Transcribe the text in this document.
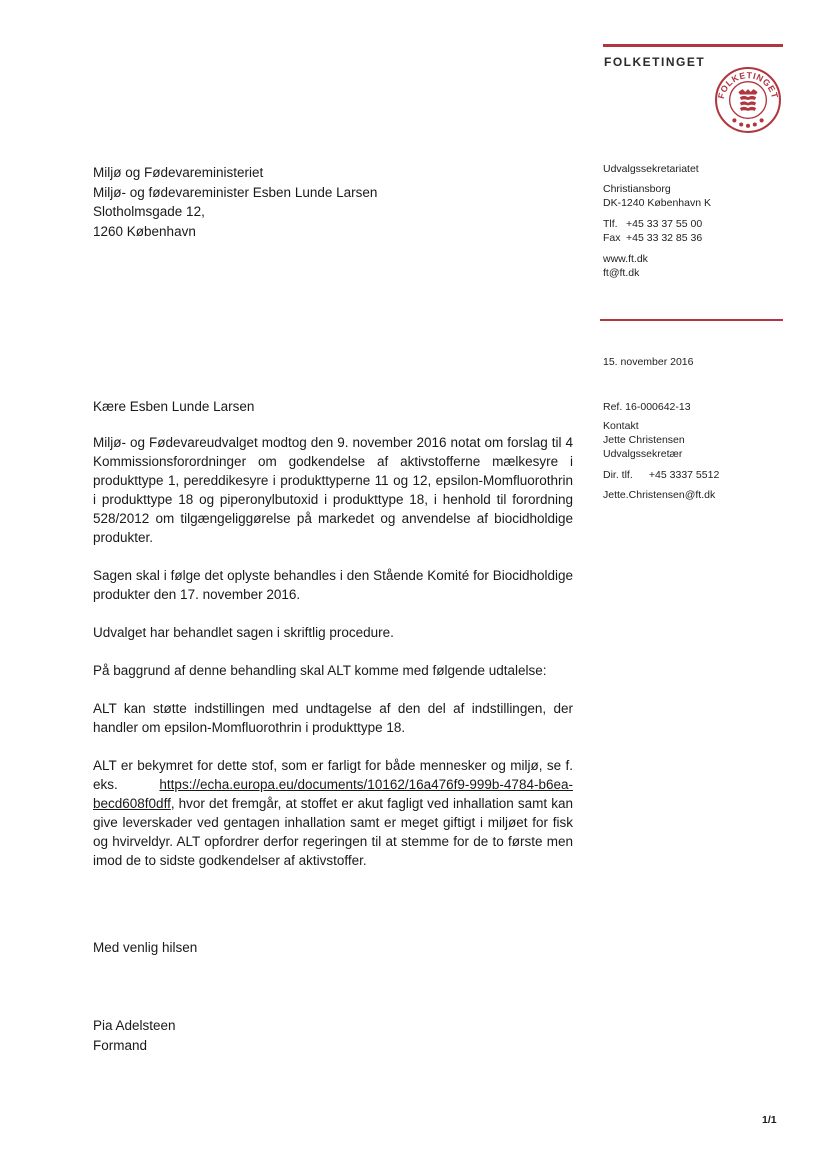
FOLKETINGET
FOLKETINGET
Udvalgssekretariatet
Christiansborg
DK-1240 København K
Tlf. +45 33 37 55 00
Fax +45 33 32 85 36
www.ft.dk
ft@ft.dk
15. november 2016
Ref. 16-000642-13
Kontakt
Jette Christensen
Udvalgssekretær
Dir. tlf. +45 3337 5512
Jette.Christensen@ft.dk
Miljø og Fødevareministeriet
Miljø- og fødevareminister Esben Lunde Larsen
Slotholmsgade 12,
1260 København

Kære Esben Lunde Larsen

Miljø- og Fødevareudvalget modtog den 9. november 2016 notat om forslag til 4 Kommissionsforordninger om godkendelse af aktivstofferne mælkesyre i produkttype 1, pereddikesyre i produkttyperne 11 og 12, epsilon-Momfluorothrin i produkttype 18 og piperonylbutoxid i produkttype 18, i henhold til forordning 528/2012 om tilgængeliggørelse på markedet og anvendelse af biocidholdige produkter.

Sagen skal i følge det oplyste behandles i den Stående Komité for Biocidholdige produkter den 17. november 2016.

Udvalget har behandlet sagen i skriftlig procedure.

På baggrund af denne behandling skal ALT komme med følgende udtalelse:

ALT kan støtte indstillingen med undtagelse af den del af indstillingen, der handler om epsilon-Momfluorothrin i produkttype 18.

ALT er bekymret for dette stof, som er farligt for både mennesker og miljø, se f. eks. https://echa.europa.eu/documents/10162/16a476f9-999b-4784-b6ea-becd608f0dff, hvor det fremgår, at stoffet er akut fagligt ved inhallation samt kan give leverskader ved gentagen inhallation samt er meget giftigt i miljøet for fisk og hvirveldyr. ALT opfordrer derfor regeringen til at stemme for de to første men imod de to sidste godkendelser af aktivstoffer.

Med venlig hilsen
Pia Adelsteen
Formand
1/1
